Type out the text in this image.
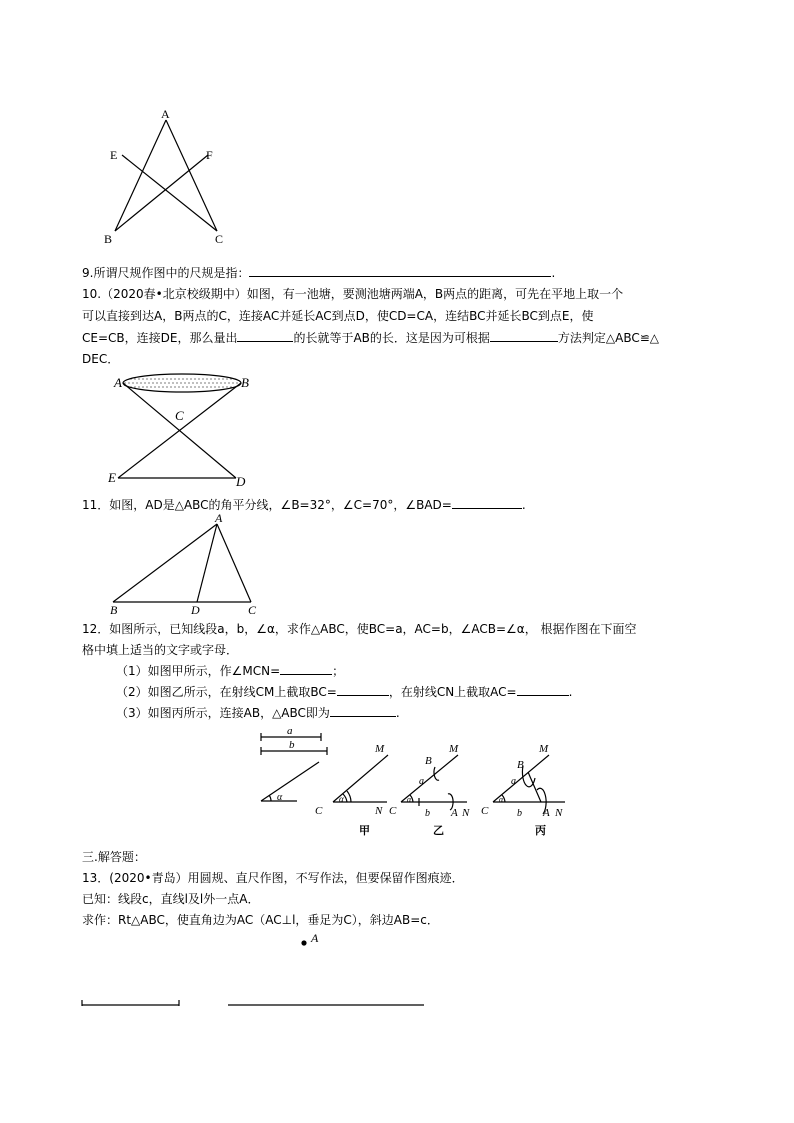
A
E	F
B	C
9.所谓尺规作图中的尺规是指：	.
10.（2020春•北京校级期中）如图，有一池塘，要测池塘两端A，B两点的距离，可先在平地上取一个
可以直接到达A，B两点的C，连接AC并延长AC到点D，使CD=CA，连结BC并延长BC到点E，使
CE=CB，连接DE，那么量出	的长就等于AB的长．这是因为可根据	方法判定△ABC≌△
DEC．
A	B
C
E	D
11．如图，AD是△ABC的角平分线，∠B=32°，∠C=70°，∠BAD=	.
A
B	D	C
12．如图所示，已知线段a，b，∠α，求作△ABC，使BC=a，AC=b，∠ACB=∠α， 根据作图在下面空
格中填上适当的文字或字母．
（1）如图甲所示，作∠MCN=	；
（2）如图乙所示，在射线CM上截取BC=	，在射线CN上截取AC=	.
（3）如图丙所示，连接AB，△ABC即为	.
a
b
α
M
C	N
α
甲
B
M
a
α
C	b A N
乙
M
B
a
α
C	b A N
丙
三.解答题：
13．(2020•青岛）用圆规、直尺作图，不写作法，但要保留作图痕迹．
已知：线段c，直线l及l外一点A．
求作：Rt△ABC，使直角边为AC（AC⊥l，垂足为C），斜边AB=c．
A
